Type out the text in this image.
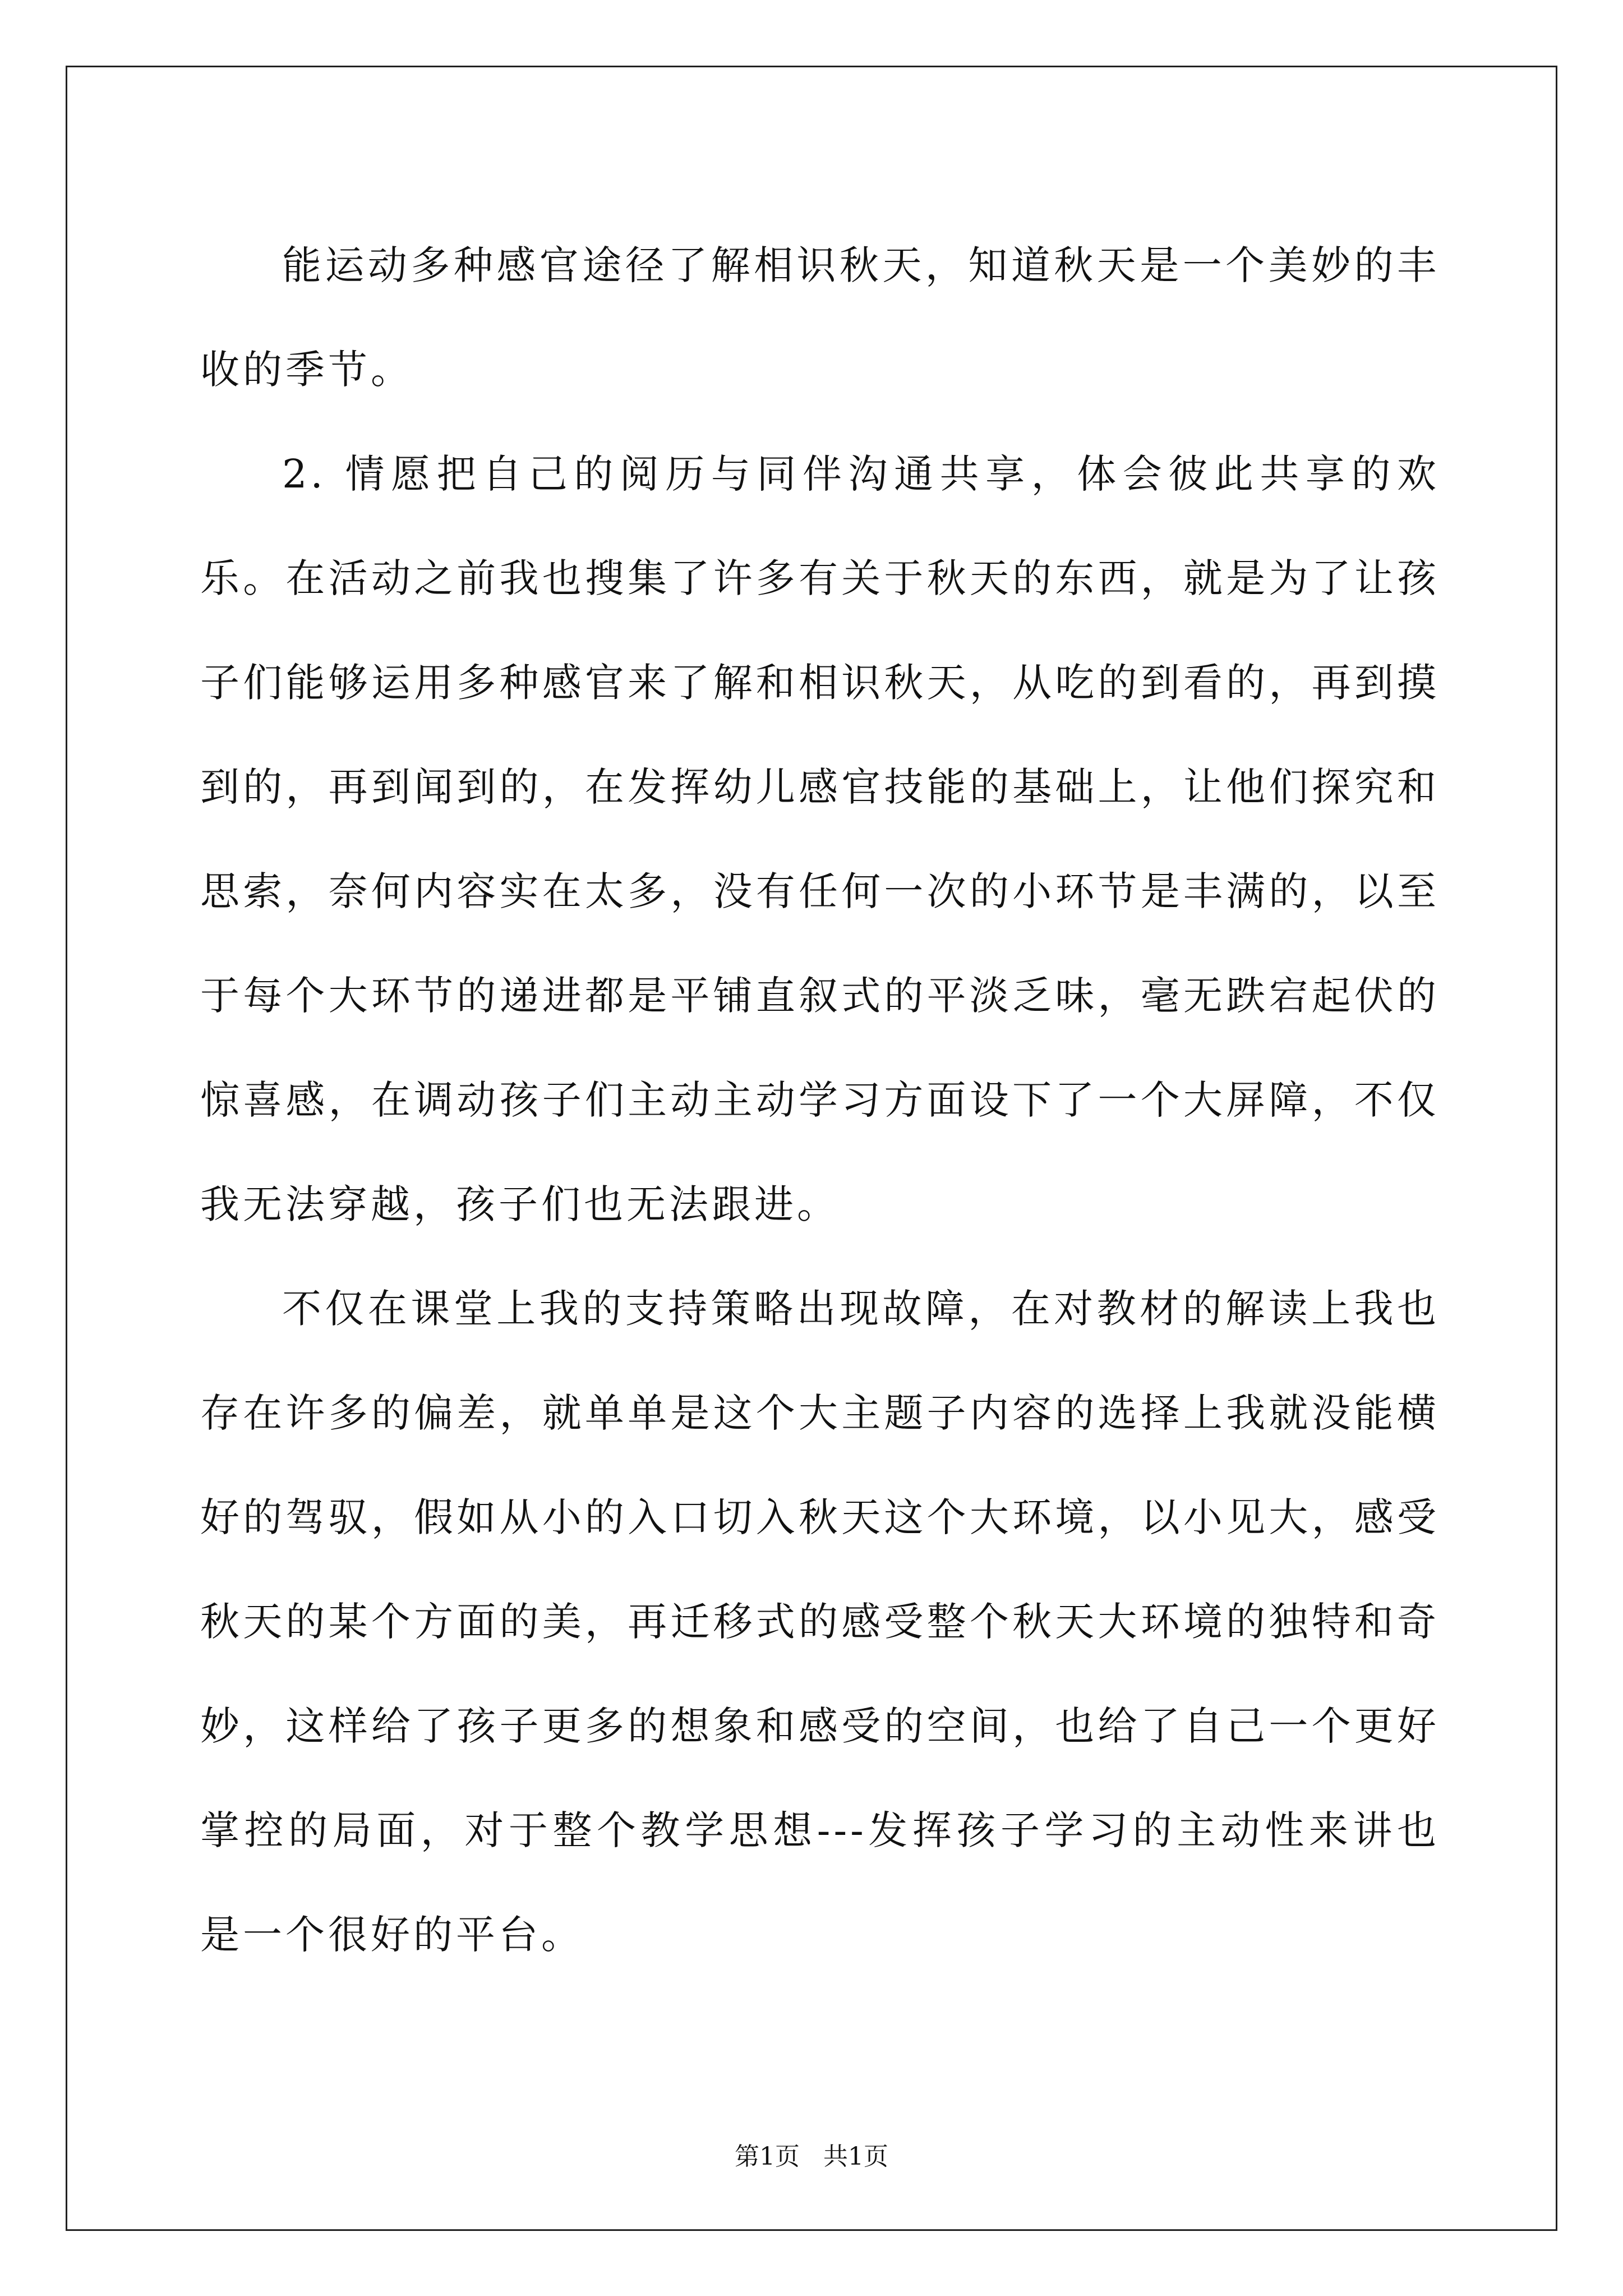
能运动多种感官途径了解相识秋天，知道秋天是一个美妙的丰收的季节。

2. 情愿把自己的阅历与同伴沟通共享，体会彼此共享的欢乐。在活动之前我也搜集了许多有关于秋天的东西，就是为了让孩子们能够运用多种感官来了解和相识秋天，从吃的到看的，再到摸到的，再到闻到的，在发挥幼儿感官技能的基础上，让他们探究和思索，奈何内容实在太多，没有任何一次的小环节是丰满的，以至于每个大环节的递进都是平铺直叙式的平淡乏味，毫无跌宕起伏的惊喜感，在调动孩子们主动主动学习方面设下了一个大屏障，不仅我无法穿越，孩子们也无法跟进。

不仅在课堂上我的支持策略出现故障，在对教材的解读上我也存在许多的偏差，就单单是这个大主题子内容的选择上我就没能横好的驾驭，假如从小的入口切入秋天这个大环境，以小见大，感受秋天的某个方面的美，再迁移式的感受整个秋天大环境的独特和奇妙，这样给了孩子更多的想象和感受的空间，也给了自己一个更好掌控的局面，对于整个教学思想---发挥孩子学习的主动性来讲也是一个很好的平台。

第1页 共1页
